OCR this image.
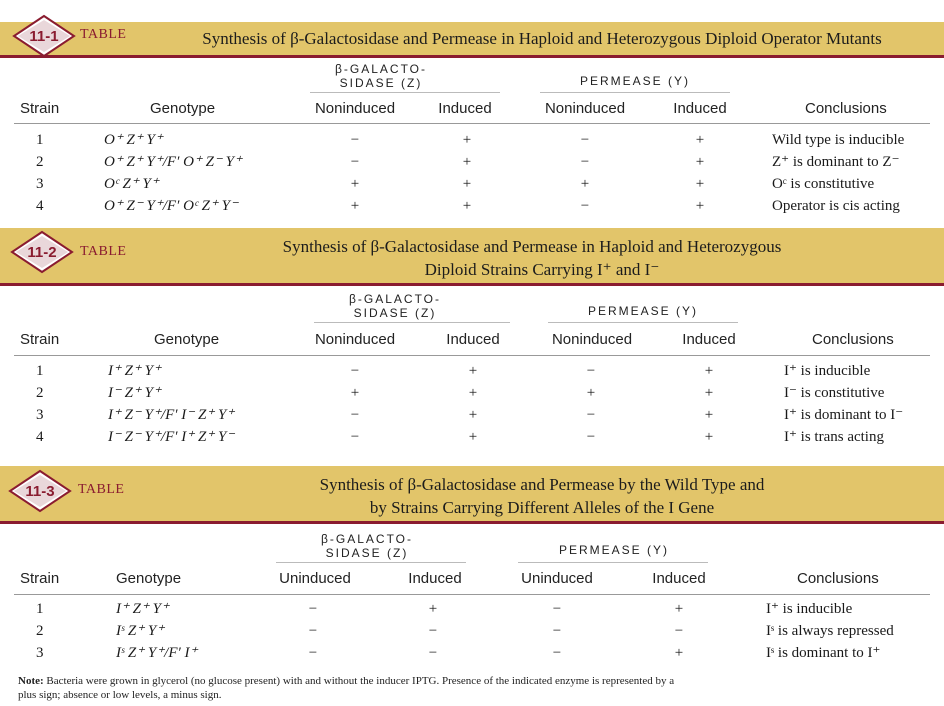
Synthesis of β-Galactosidase and Permease in Haploid and Heterozygous Diploid Operator Mutants
TABLE
11-1
β-GALACTO-
SIDASE (Z)	PERMEASE (Y)
Strain	Genotype	Noninduced	Induced	Noninduced	Induced	Conclusions
1	O⁺ Z⁺ Y⁺	−	+	−	+	Wild type is inducible
2	O⁺ Z⁺ Y⁺/F′ O⁺ Z⁻ Y⁺	−	+	−	+	Z⁺ is dominant to Z⁻
3	Oᶜ Z⁺ Y⁺	+	+	+	+	Oᶜ is constitutive
4	O⁺ Z⁻ Y⁺/F′ Oᶜ Z⁺ Y⁻	+	+	−	+	Operator is cis acting
Synthesis of β-Galactosidase and Permease in Haploid and Heterozygous
Diploid Strains Carrying I⁺ and I⁻
TABLE
11-2
β-GALACTO-
SIDASE (Z)	PERMEASE (Y)
Strain	Genotype	Noninduced	Induced	Noninduced	Induced	Conclusions
1	I⁺ Z⁺ Y⁺	−	+	−	+	I⁺ is inducible
2	I⁻ Z⁺ Y⁺	+	+	+	+	I⁻ is constitutive
3	I⁺ Z⁻ Y⁺/F′ I⁻ Z⁺ Y⁺	−	+	−	+	I⁺ is dominant to I⁻
4	I⁻ Z⁻ Y⁺/F′ I⁺ Z⁺ Y⁻	−	+	−	+	I⁺ is trans acting
Synthesis of β-Galactosidase and Permease by the Wild Type and
by Strains Carrying Different Alleles of the I Gene
TABLE
11-3
β-GALACTO-
SIDASE (Z)	PERMEASE (Y)
Strain	Genotype	Uninduced	Induced	Uninduced	Induced	Conclusions
1	I⁺ Z⁺ Y⁺	−	+	−	+	I⁺ is inducible
2	Iˢ Z⁺ Y⁺	−	−	−	−	Iˢ is always repressed
3	Iˢ Z⁺ Y⁺/F′ I⁺	−	−	−	+	Iˢ is dominant to I⁺
Note: Bacteria were grown in glycerol (no glucose present) with and without the inducer IPTG. Presence of the indicated enzyme is represented by a plus sign; absence or low levels, a minus sign.
